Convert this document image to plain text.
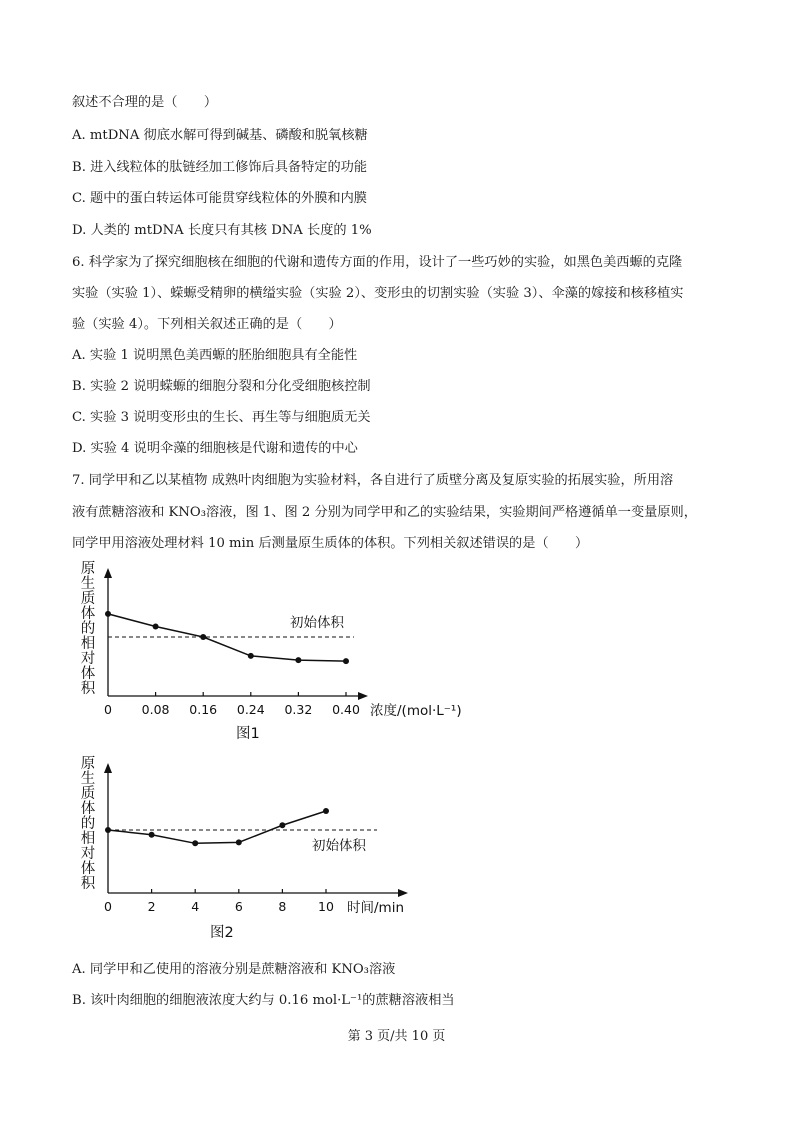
叙述不合理的是（　　）
A. mtDNA 彻底水解可得到碱基、磷酸和脱氧核糖
B. 进入线粒体的肽链经加工修饰后具备特定的功能
C. 题中的蛋白转运体可能贯穿线粒体的外膜和内膜
D. 人类的 mtDNA 长度只有其核 DNA 长度的 1%
6. 科学家为了探究细胞核在细胞的代谢和遗传方面的作用，设计了一些巧妙的实验，如黑色美西螈的克隆
实验（实验 1）、蝾螈受精卵的横缢实验（实验 2）、变形虫的切割实验（实验 3）、伞藻的嫁接和核移植实
验（实验 4）。下列相关叙述正确的是（　　）
A. 实验 1 说明黑色美西螈的胚胎细胞具有全能性
B. 实验 2 说明蝾螈的细胞分裂和分化受细胞核控制
C. 实验 3 说明变形虫的生长、再生等与细胞质无关
D. 实验 4 说明伞藻的细胞核是代谢和遗传的中心
7. 同学甲和乙以某植物 成熟叶肉细胞为实验材料，各自进行了质壁分离及复原实验的拓展实验，所用溶
液有蔗糖溶液和 KNO₃溶液，图 1、图 2 分别为同学甲和乙的实验结果，实验期间严格遵循单一变量原则，
同学甲用溶液处理材料 10 min 后测量原生质体的体积。下列相关叙述错误的是（　　）
原
生
质
体
的
相
对
体
积
0 0.08 0.16 0.24 0.32 0.40 浓度/(mol·L⁻¹)
初始体积
图1
原
生
质
体
的
相
对
体
积
0	2	4	6	8	10 时间/min
初始体积
图2
A. 同学甲和乙使用的溶液分别是蔗糖溶液和 KNO₃溶液
B. 该叶肉细胞的细胞液浓度大约与 0.16 mol·L⁻¹的蔗糖溶液相当
第 3 页/共 10 页
